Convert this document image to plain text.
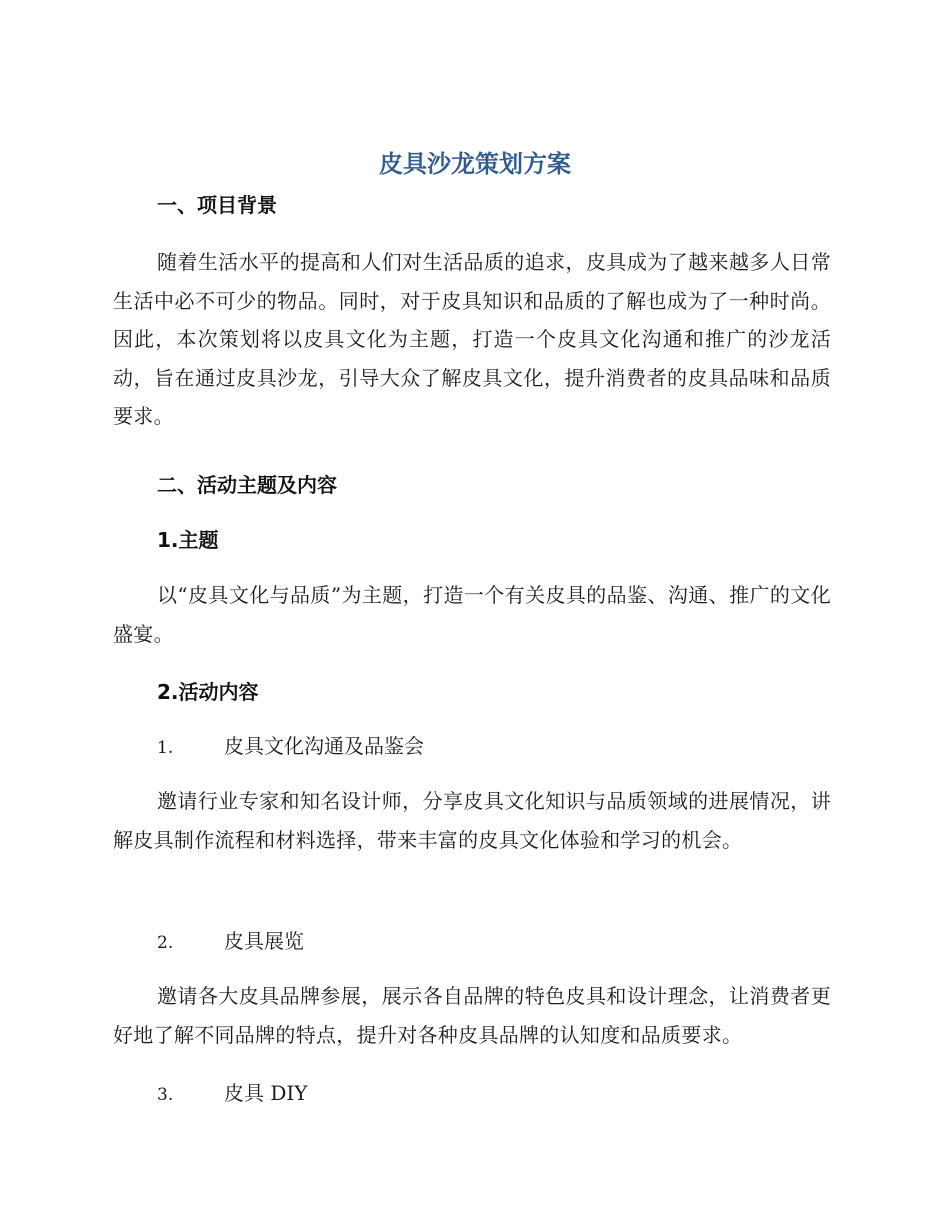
皮具沙龙策划方案
一、项目背景
随着生活水平的提高和人们对生活品质的追求，皮具成为了越来越多人日常生活中必不可少的物品。同时，对于皮具知识和品质的了解也成为了一种时尚。因此，本次策划将以皮具文化为主题，打造一个皮具文化沟通和推广的沙龙活动，旨在通过皮具沙龙，引导大众了解皮具文化，提升消费者的皮具品味和品质要求。
二、活动主题及内容
1.主题
以“皮具文化与品质”为主题，打造一个有关皮具的品鉴、沟通、推广的文化盛宴。
2.活动内容
1.	皮具文化沟通及品鉴会
邀请行业专家和知名设计师，分享皮具文化知识与品质领域的进展情况，讲解皮具制作流程和材料选择，带来丰富的皮具文化体验和学习的机会。
2.	皮具展览
邀请各大皮具品牌参展，展示各自品牌的特色皮具和设计理念，让消费者更好地了解不同品牌的特点，提升对各种皮具品牌的认知度和品质要求。
3.	皮具 DIY
